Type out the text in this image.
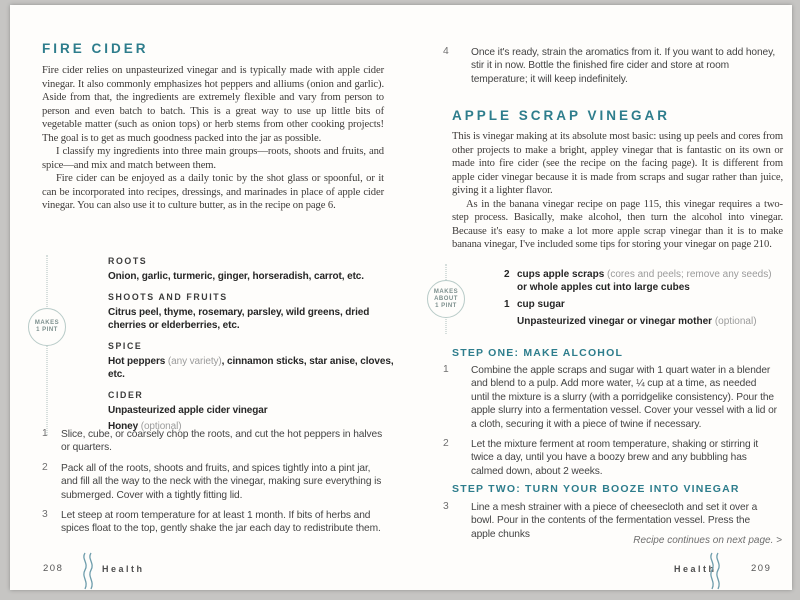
FIRE CIDER

Fire cider relies on unpasteurized vinegar and is typically made with apple cider vinegar. It also commonly emphasizes hot peppers and alliums (onion and garlic). Aside from that, the ingredients are extremely flexible and vary from person to person and even batch to batch. This is a great way to use up little bits of vegetable matter (such as onion tops) or herb stems from other cooking projects! The goal is to get as much goodness packed into the jar as possible.

I classify my ingredients into three main groups—roots, shoots and fruits, and spice—and mix and match between them.

Fire cider can be enjoyed as a daily tonic by the shot glass or spoonful, or it can be incorporated into recipes, dressings, and marinades in place of apple cider vinegar. You can also use it to culture butter, as in the recipe on page 6.

MAKES
1 PINT
ROOTS

Onion, garlic, turmeric, ginger, horseradish, carrot, etc.

SHOOTS AND FRUITS

Citrus peel, thyme, rosemary, parsley, wild greens, dried cherries or elderberries, etc.

SPICE

Hot peppers (any variety), cinnamon sticks, star anise, cloves, etc.

CIDER

Unpasteurized apple cider vinegar

Honey (optional)

1	Slice, cube, or coarsely chop the roots, and cut the hot peppers in halves or quarters.
2	Pack all of the roots, shoots and fruits, and spices tightly into a pint jar, and fill all the way to the neck with the vinegar, making sure everything is submerged. Cover with a tightly fitting lid.
3	Let steep at room temperature for at least 1 month. If bits of herbs and spices float to the top, gently shake the jar each day to redistribute them.
208	Health
4	Once it's ready, strain the aromatics from it. If you want to add honey, stir it in now. Bottle the finished fire cider and store at room temperature; it will keep indefinitely.
APPLE SCRAP VINEGAR

This is vinegar making at its absolute most basic: using up peels and cores from other projects to make a bright, appley vinegar that is fantastic on its own or made into fire cider (see the recipe on the facing page). It is different from apple cider vinegar because it is made from scraps and sugar rather than juice, giving it a lighter flavor.

As in the banana vinegar recipe on page 115, this vinegar requires a two-step process. Basically, make alcohol, then turn the alcohol into vinegar. Because it's easy to make a lot more apple scrap vinegar than it is to make banana vinegar, I've included some tips for storing your vinegar on page 210.

MAKES
ABOUT
1 PINT
2 cups apple scraps (cores and peels; remove any seeds) or whole apples cut into large cubes
1 cup sugar
Unpasteurized vinegar or vinegar mother (optional)
STEP ONE: MAKE ALCOHOL
1	Combine the apple scraps and sugar with 1 quart water in a blender and blend to a pulp. Add more water, ¼ cup at a time, as needed until the mixture is a slurry (with a porridgelike consistency). Pour the apple slurry into a fermentation vessel. Cover your vessel with a lid or a cloth, securing it with a piece of twine if necessary.
2	Let the mixture ferment at room temperature, shaking or stirring it twice a day, until you have a boozy brew and any bubbling has calmed down, about 2 weeks.
STEP TWO: TURN YOUR BOOZE INTO VINEGAR
3	Line a mesh strainer with a piece of cheesecloth and set it over a bowl. Pour in the contents of the fermentation vessel. Press the apple chunks
Recipe continues on next page. >
Health	209
